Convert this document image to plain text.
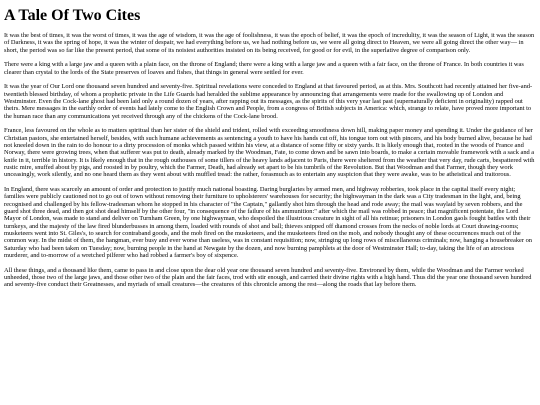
A Tale Of Two Cites

It was the best of times, it was the worst of times, it was the age of wisdom, it was the age of foolishness, it was the epoch of belief, it was the epoch of incredulity, it was the season of Light, it was the season of Darkness, it was the spring of hope, it was the winter of despair, we had everything before us, we had nothing before us, we were all going direct to Heaven, we were all going direct the other way— in short, the period was so far like the present period, that some of its noisiest authorities insisted on its being received, for good or for evil, in the superlative degree of comparison only.

There were a king with a large jaw and a queen with a plain face, on the throne of England; there were a king with a large jaw and a queen with a fair face, on the throne of France. In both countries it was clearer than crystal to the lords of the State preserves of loaves and fishes, that things in general were settled for ever.

It was the year of Our Lord one thousand seven hundred and seventy-five. Spiritual revelations were conceded to England at that favoured period, as at this. Mrs. Southcott had recently attained her five-and-twentieth blessed birthday, of whom a prophetic private in the Life Guards had heralded the sublime appearance by announcing that arrangements were made for the swallowing up of London and Westminster. Even the Cock-lane ghost had been laid only a round dozen of years, after rapping out its messages, as the spirits of this very year last past (supernaturally deficient in originality) rapped out theirs. Mere messages in the earthly order of events had lately come to the English Crown and People, from a congress of British subjects in America: which, strange to relate, have proved more important to the human race than any communications yet received through any of the chickens of the Cock-lane brood.

France, less favoured on the whole as to matters spiritual than her sister of the shield and trident, rolled with exceeding smoothness down hill, making paper money and spending it. Under the guidance of her Christian pastors, she entertained herself, besides, with such humane achievements as sentencing a youth to have his hands cut off, his tongue torn out with pincers, and his body burned alive, because he had not kneeled down in the rain to do honour to a dirty procession of monks which passed within his view, at a distance of some fifty or sixty yards. It is likely enough that, rooted in the woods of France and Norway, there were growing trees, when that sufferer was put to death, already marked by the Woodman, Fate, to come down and be sawn into boards, to make a certain movable framework with a sack and a knife in it, terrible in history. It is likely enough that in the rough outhouses of some tillers of the heavy lands adjacent to Paris, there were sheltered from the weather that very day, rude carts, bespattered with rustic mire, snuffed about by pigs, and roosted in by poultry, which the Farmer, Death, had already set apart to be his tumbrils of the Revolution. But that Woodman and that Farmer, though they work unceasingly, work silently, and no one heard them as they went about with muffled tread: the rather, forasmuch as to entertain any suspicion that they were awake, was to be atheistical and traitorous.

In England, there was scarcely an amount of order and protection to justify much national boasting. Daring burglaries by armed men, and highway robberies, took place in the capital itself every night; families were publicly cautioned not to go out of town without removing their furniture to upholsterers' warehouses for security; the highwayman in the dark was a City tradesman in the light, and, being recognised and challenged by his fellow-tradesman whom he stopped in his character of "the Captain," gallantly shot him through the head and rode away; the mail was waylaid by seven robbers, and the guard shot three dead, and then got shot dead himself by the other four, "in consequence of the failure of his ammunition:" after which the mail was robbed in peace; that magnificent potentate, the Lord Mayor of London, was made to stand and deliver on Turnham Green, by one highwayman, who despoiled the illustrious creature in sight of all his retinue; prisoners in London gaols fought battles with their turnkeys, and the majesty of the law fired blunderbusses in among them, loaded with rounds of shot and ball; thieves snipped off diamond crosses from the necks of noble lords at Court drawing-rooms; musketeers went into St. Giles's, to search for contraband goods, and the mob fired on the musketeers, and the musketeers fired on the mob, and nobody thought any of these occurrences much out of the common way. In the midst of them, the hangman, ever busy and ever worse than useless, was in constant requisition; now, stringing up long rows of miscellaneous criminals; now, hanging a housebreaker on Saturday who had been taken on Tuesday; now, burning people in the hand at Newgate by the dozen, and now burning pamphlets at the door of Westminster Hall; to-day, taking the life of an atrocious murderer, and to-morrow of a wretched pilferer who had robbed a farmer's boy of sixpence.

All these things, and a thousand like them, came to pass in and close upon the dear old year one thousand seven hundred and seventy-five. Environed by them, while the Woodman and the Farmer worked unheeded, those two of the large jaws, and those other two of the plain and the fair faces, trod with stir enough, and carried their divine rights with a high hand. Thus did the year one thousand seven hundred and seventy-five conduct their Greatnesses, and myriads of small creatures—the creatures of this chronicle among the rest—along the roads that lay before them.
